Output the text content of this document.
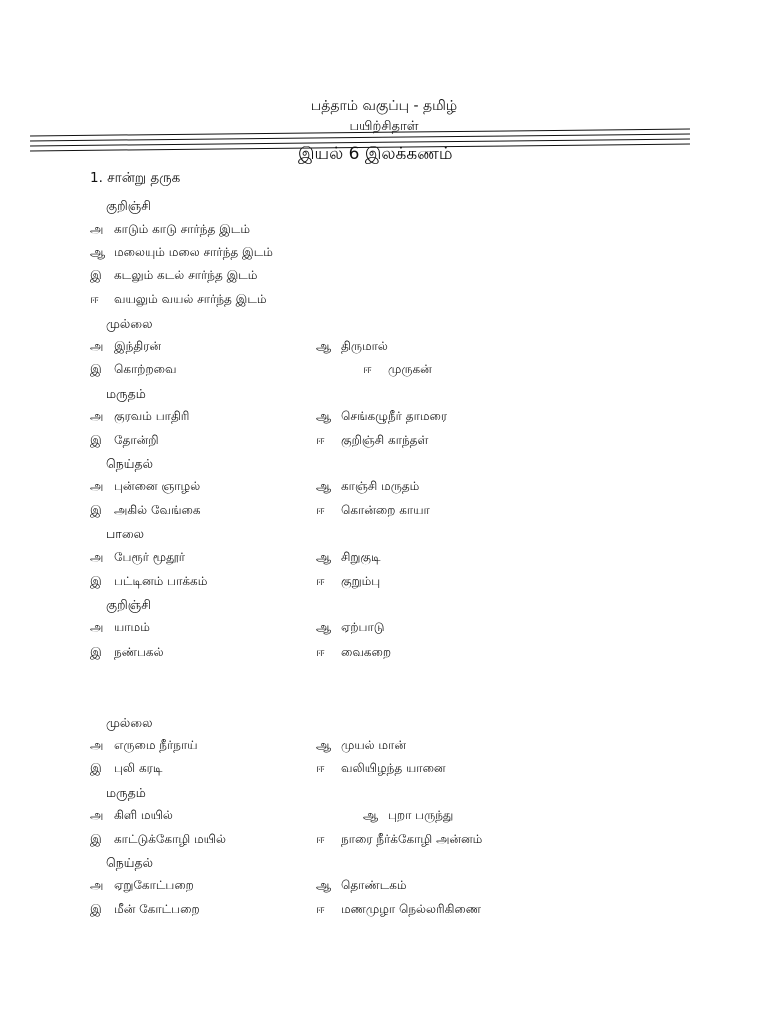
பத்தாம் வகுப்பு - தமிழ்
பயிற்சிதாள்
இயல் 6 இலக்கணம்
1. சான்று தருக
குறிஞ்சி
அ காடும் காடு சார்ந்த இடம்
ஆ மலையும் மலை சார்ந்த இடம்
இ கடலும் கடல் சார்ந்த இடம்
ஈ வயலும் வயல் சார்ந்த இடம்
முல்லை
அ இந்திரன்	ஆ திருமால்
இ கொற்றவை	ஈ முருகன்
மருதம்
அ குரவம் பாதிரி	ஆ செங்கழுநீர் தாமரை
இ தோன்றி	ஈ குறிஞ்சி காந்தள்
நெய்தல்
அ புன்னை ஞாழல்	ஆ காஞ்சி மருதம்
இ அகில் வேங்கை	ஈ கொன்றை காயா
பாலை
அ பேரூர் மூதூர்	ஆ சிறுகுடி
இ பட்டினம் பாக்கம்	ஈ குறும்பு
குறிஞ்சி
அ யாமம்	ஆ ஏற்பாடு
இ நண்பகல்	ஈ வைகறை
முல்லை
அ எருமை நீர்நாய்	ஆ முயல் மான்
இ புலி கரடி	ஈ வலியிழந்த யானை
மருதம்
அ கிளி மயில்	ஆ புறா பருந்து
இ காட்டுக்கோழி மயில்	ஈ நாரை நீர்க்கோழி அன்னம்
நெய்தல்
அ ஏறுகோட்பறை	ஆ தொண்டகம்
இ மீன் கோட்பறை	ஈ மணமுழா நெல்லரிகிணை
